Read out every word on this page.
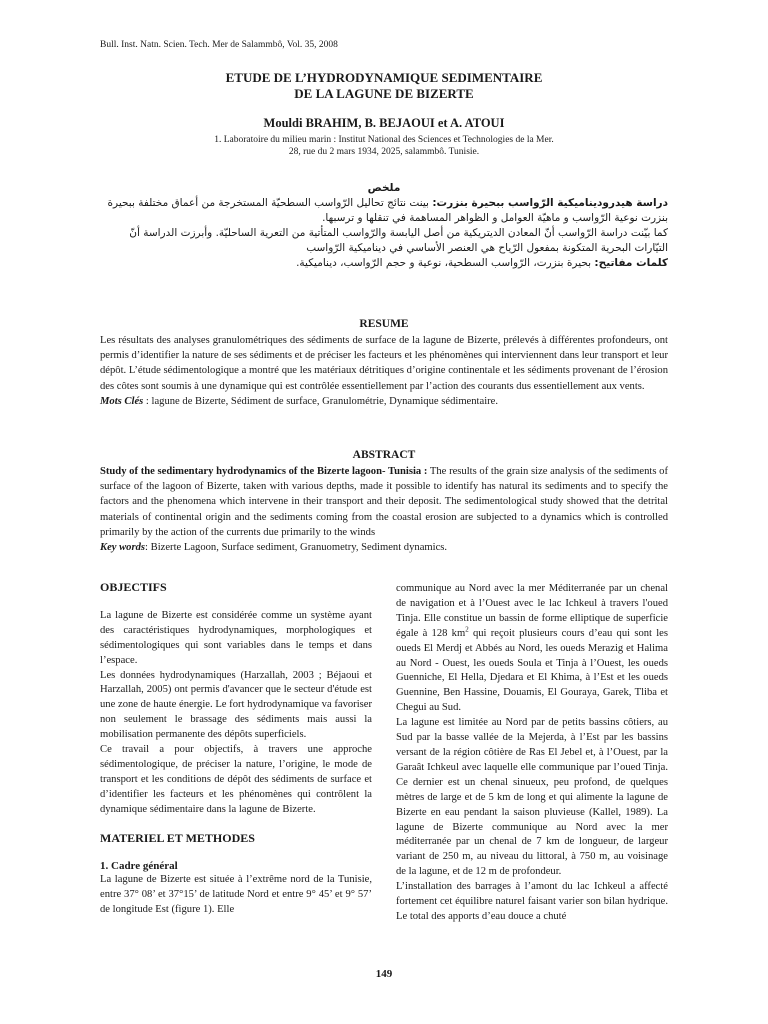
Bull. Inst. Natn. Scien. Tech. Mer de Salammbô, Vol. 35, 2008
ETUDE DE L’HYDRODYNAMIQUE SEDIMENTAIRE
DE LA LAGUNE DE BIZERTE
Mouldi BRAHIM, B. BEJAOUI et A. ATOUI
1. Laboratoire du milieu marin : Institut National des Sciences et Technologies de la Mer.
28, rue du 2 mars 1934, 2025, salammbô. Tunisie.

ملخص

دراسة هيدروديناميكية الرّواسب ببحيرة بنزرت: بينت نتائج تحاليل الرّواسب السطحيّة المستخرجة من أعماق مختلفة ببحيرة بنزرت نوعية الرّواسب و ماهيّة العوامل و الظواهر المساهمة في تنقلها و ترسبها.

كما بيّنت دراسة الرّواسب أنّ المعادن الديتريكية من أصل اليابسة والرّواسب المتأتية من التعرية الساحليّة. وأبرزت الدراسة أنّ التيّارات البحرية المتكونة بمفعول الرّياح هي العنصر الأساسي في ديناميكية الرّواسب

كلمات مفاتيح: بحيرة بنزرت، الرّواسب السطحية، نوعية و حجم الرّواسب، ديناميكية.

RESUME

Les résultats des analyses granulométriques des sédiments de surface de la lagune de Bizerte, prélevés à différentes profondeurs, ont permis d’identifier la nature de ses sédiments et de préciser les facteurs et les phénomènes qui interviennent dans leur transport et leur dépôt. L’étude sédimentologique a montré que les matériaux détritiques d’origine continentale et les sédiments provenant de l’érosion des côtes sont soumis à une dynamique qui est contrôlée essentiellement par l’action des courants dus essentiellement aux vents.

Mots Clés : lagune de Bizerte, Sédiment de surface, Granulométrie, Dynamique sédimentaire.

ABSTRACT

Study of the sedimentary hydrodynamics of the Bizerte lagoon- Tunisia : The results of the grain size analysis of the sediments of surface of the lagoon of Bizerte, taken with various depths, made it possible to identify has natural its sediments and to specify the factors and the phenomena which intervene in their transport and their deposit. The sedimentological study showed that the detrital materials of continental origin and the sediments coming from the coastal erosion are subjected to a dynamics which is controlled primarily by the action of the currents due primarily to the winds

Key words: Bizerte Lagoon, Surface sediment, Granuometry, Sediment dynamics.

OBJECTIFS

La lagune de Bizerte est considérée comme un système ayant des caractéristiques hydrodynamiques, morphologiques et sédimentologiques qui sont variables dans le temps et dans l’espace.

Les données hydrodynamiques (Harzallah, 2003 ; Béjaoui et Harzallah, 2005) ont permis d'avancer que le secteur d'étude est une zone de haute énergie. Le fort hydrodynamique va favoriser non seulement le brassage des sédiments mais aussi la mobilisation permanente des dépôts superficiels.

Ce travail a pour objectifs, à travers une approche sédimentologique, de préciser la nature, l’origine, le mode de transport et les conditions de dépôt des sédiments de surface et d’identifier les facteurs et les phénomènes qui contrôlent la dynamique sédimentaire dans la lagune de Bizerte.

MATERIEL ET METHODES
1. Cadre général

La lagune de Bizerte est située à l’extrême nord de la Tunisie, entre 37° 08’ et 37°15’ de latitude Nord et entre 9° 45’ et 9° 57’ de longitude Est (figure 1). Elle

communique au Nord avec la mer Méditerranée par un chenal de navigation et à l’Ouest avec le lac Ichkeul à travers l'oued Tinja. Elle constitue un bassin de forme elliptique de superficie égale à 128 $km^2$ qui reçoit plusieurs cours d’eau qui sont les oueds El Merdj et Abbés au Nord, les oueds Merazig et Halima au Nord - Ouest, les oueds Soula et Tinja à l’Ouest, les oueds Guenniche, El Hella, Djedara et El Khima, à l’Est et les oueds Guennine, Ben Hassine, Douamis, El Gouraya, Garek, Tliba et Chegui au Sud.

La lagune est limitée au Nord par de petits bassins côtiers, au Sud par la basse vallée de la Mejerda, à l’Est par les bassins versant de la région côtière de Ras El Jebel et, à l’Ouest, par la Garaât Ichkeul avec laquelle elle communique par l’oued Tinja. Ce dernier est un chenal sinueux, peu profond, de quelques mètres de large et de 5 km de long et qui alimente la lagune de Bizerte en eau pendant la saison pluvieuse (Kallel, 1989). La lagune de Bizerte communique au Nord avec la mer méditerranée par un chenal de 7 km de longueur, de largeur variant de 250 m, au niveau du littoral, à 750 m, au voisinage de la lagune, et de 12 m de profondeur.

L’installation des barrages à l’amont du lac Ichkeul a affecté fortement cet équilibre naturel faisant varier son bilan hydrique. Le total des apports d’eau douce a chuté

149
